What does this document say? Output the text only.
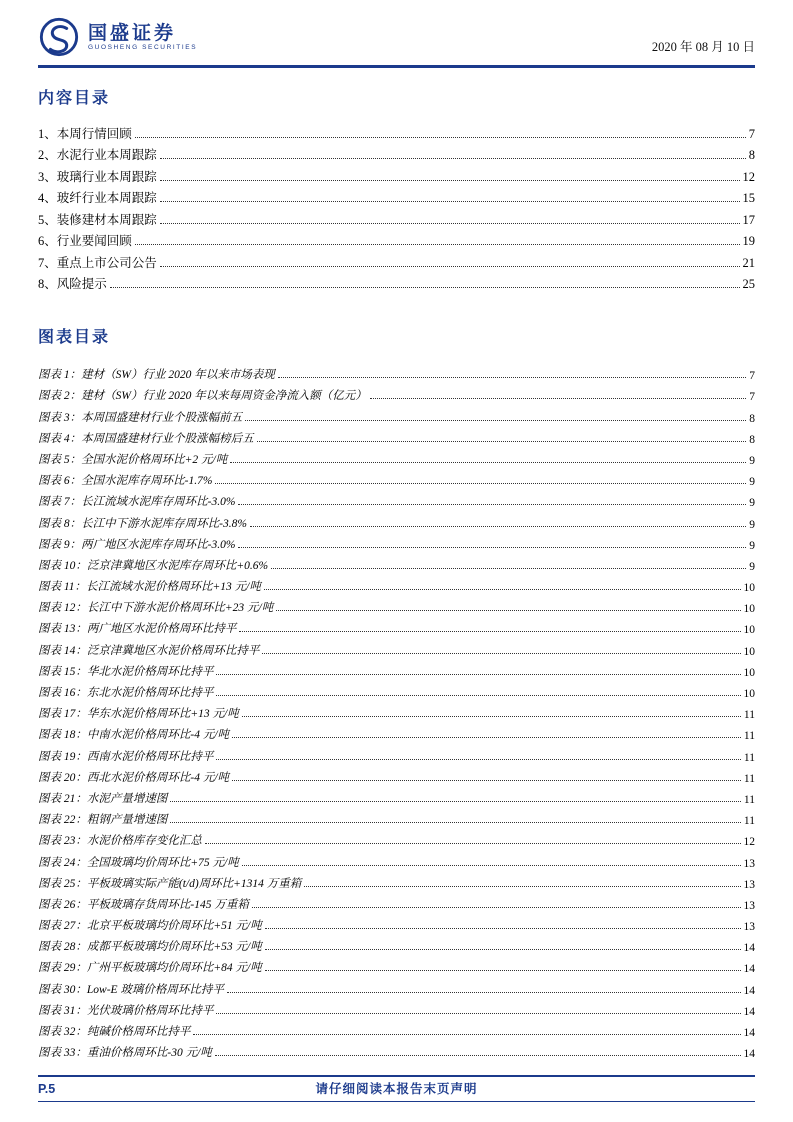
国盛证券
GUOSHENG SECURITIES	2020 年 08 月 10 日
内容目录
1、本周行情回顾	7
2、水泥行业本周跟踪	8
3、玻璃行业本周跟踪	12
4、玻纤行业本周跟踪	15
5、装修建材本周跟踪	17
6、行业要闻回顾	19
7、重点上市公司公告	21
8、风险提示	25
图表目录
图表 1：建材（SW）行业 2020 年以来市场表现	7
图表 2：建材（SW）行业 2020 年以来每周资金净流入额（亿元）	7
图表 3：本周国盛建材行业个股涨幅前五	8
图表 4：本周国盛建材行业个股涨幅榜后五	8
图表 5：全国水泥价格周环比+2 元/吨	9
图表 6：全国水泥库存周环比-1.7%	9
图表 7：长江流域水泥库存周环比-3.0%	9
图表 8：长江中下游水泥库存周环比-3.8%	9
图表 9：两广地区水泥库存周环比-3.0%	9
图表 10：泛京津冀地区水泥库存周环比+0.6%	9
图表 11：长江流域水泥价格周环比+13 元/吨	10
图表 12：长江中下游水泥价格周环比+23 元/吨	10
图表 13：两广地区水泥价格周环比持平	10
图表 14：泛京津冀地区水泥价格周环比持平	10
图表 15：华北水泥价格周环比持平	10
图表 16：东北水泥价格周环比持平	10
图表 17：华东水泥价格周环比+13 元/吨	11
图表 18：中南水泥价格周环比-4 元/吨	11
图表 19：西南水泥价格周环比持平	11
图表 20：西北水泥价格周环比-4 元/吨	11
图表 21：水泥产量增速图	11
图表 22：粗钢产量增速图	11
图表 23：水泥价格库存变化汇总	12
图表 24：全国玻璃均价周环比+75 元/吨	13
图表 25：平板玻璃实际产能(t/d)周环比+1314 万重箱	13
图表 26：平板玻璃存货周环比-145 万重箱	13
图表 27：北京平板玻璃均价周环比+51 元/吨	13
图表 28：成都平板玻璃均价周环比+53 元/吨	14
图表 29：广州平板玻璃均价周环比+84 元/吨	14
图表 30：Low-E 玻璃价格周环比持平	14
图表 31：光伏玻璃价格周环比持平	14
图表 32：纯碱价格周环比持平	14
图表 33：重油价格周环比-30 元/吨	14
P.5	请仔细阅读本报告末页声明
